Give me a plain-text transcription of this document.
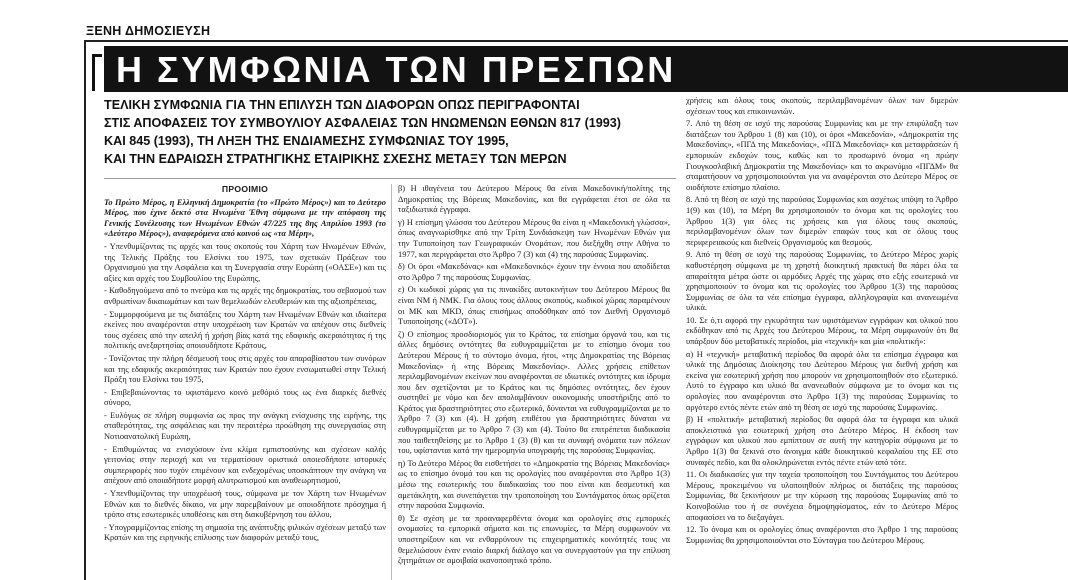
ΞΕΝΗ ΔΗΜΟΣΙΕΥΣΗ
Η ΣΥΜΦΩΝΙΑ ΤΩΝ ΠΡΕΣΠΩΝ
ΤΕΛΙΚΗ ΣΥΜΦΩΝΙΑ ΓΙΑ ΤΗΝ ΕΠΙΛΥΣΗ ΤΩΝ ΔΙΑΦΟΡΩΝ ΟΠΩΣ ΠΕΡΙΓΡΑΦΟΝΤΑΙ
ΣΤΙΣ ΑΠΟΦΑΣΕΙΣ ΤΟΥ ΣΥΜΒΟΥΛΙΟΥ ΑΣΦΑΛΕΙΑΣ ΤΩΝ ΗΝΩΜΕΝΩΝ ΕΘΝΩΝ 817 (1993)
ΚΑΙ 845 (1993), ΤΗ ΛΗΞΗ ΤΗΣ ΕΝΔΙΑΜΕΣΗΣ ΣΥΜΦΩΝΙΑΣ ΤΟΥ 1995,
ΚΑΙ ΤΗΝ ΕΔΡΑΙΩΣΗ ΣΤΡΑΤΗΓΙΚΗΣ ΕΤΑΙΡΙΚΗΣ ΣΧΕΣΗΣ ΜΕΤΑΞΥ ΤΩΝ ΜΕΡΩΝ
ΠΡΟΟΙΜΙΟ

Το Πρώτο Μέρος, η Ελληνική Δημοκρατία (το «Πρώτο Μέρος») και το Δεύτερο Μέρος, που έχινε δεκτό στα Ηνωμένα Έθνη σύμφωνα με την απόφαση της Γενικής Συνέλευσης των Ηνωμένων Εθνών 47/225 της 8ης Απριλίου 1993 (το «Δεύτερο Μέρος»), αναφερόμενα από κοινού ως «τα Μέρη»,

- Υπενθυμίζοντας τις αρχές και τους σκοπούς του Χάρτη των Ηνωμένων Εθνών, της Τελικής Πράξης του Ελσίνκι του 1975, των σχετικών Πράξεων του Οργανισμού για την Ασφάλεια και τη Συνεργασία στην Ευρώπη («ΟΑΣΕ») και τις αξίες και αρχές του Συμβουλίου της Ευρώπης,

- Καθοδηγούμενα από το πνεύμα και τις αρχές της δημοκρατίας, του σεβασμού των ανθρωπίνων δικαιωμάτων και των θεμελιωδών ελευθεριών και της αξιοπρέπειας,

- Συμμορφούμενα με τις διατάξεις του Χάρτη των Ηνωμένων Εθνών και ιδιαίτερα εκείνες που αναφέρονται στην υποχρέωση των Κρατών να απέχουν στις διεθνείς τους σχέσεις από την απειλή ή χρήση βίας κατά της εδαφικής ακεραιότητας ή της πολιτικής ανεξαρτησίας οποιουδήποτε Κράτους,

- Τονίζοντας την πλήρη δέσμευσή τους στις αρχές του απαραβίαστου των συνόρων και της εδαφικής ακεραιότητας των Κρατών που έχουν ενσωματωθεί στην Τελική Πράξη του Ελσίνκι του 1975,

- Επιβεβαιώνοντας το υφιστάμενο κοινό μεθόριό τους ως ένα διαρκές διεθνές σύνορο,

- Ευλόγως σε πλήρη συμφωνία ως προς την ανάγκη ενίσχυσης της ειρήνης, της σταθερότητας, της ασφάλειας και την περαιτέρω προώθηση της συνεργασίας στη Νοτιοανατολική Ευρώπη,

- Επιθυμώντας να ενισχύσουν ένα κλίμα εμπιστοσύνης και σχέσεων καλής γειτονίας στην περιοχή και να τερματίσουν οριστικά οποιεσδήποτε ιστορικές συμπεριφορές που τυχόν επιμένουν και ενδεχομένως υποσκάπτουν την ανάγκη να απέχουν από οποιαδήποτε μορφή αλυτρωτισμού και αναθεωρητισμού,

- Υπενθυμίζοντας την υποχρέωσή τους, σύμφωνα με τον Χάρτη των Ηνωμένων Εθνών και το διεθνές δίκαιο, να μην παρεμβαίνουν με οποιοδήποτε πρόσχημα ή τρόπο στις εσωτερικές υποθέσεις και στη διακυβέρνηση του άλλου,

- Υπογραμμίζοντας επίσης τη σημασία της ανάπτυξης φιλικών σχέσεων μεταξύ των Κρατών και της ειρηνικής επίλυσης των διαφορών μεταξύ τους,

β) Η ιθαγένεια του Δεύτερου Μέρους θα είναι Μακεδονική/πολίτης της Δημοκρατίας της Βόρειας Μακεδονίας, και θα εγγράφεται έτσι σε όλα τα ταξιδιωτικά έγγραφα.

γ) Η επίσημη γλώσσα του Δεύτερου Μέρους θα είναι η «Μακεδονική γλώσσα», όπως αναγνωρίσθηκε από την Τρίτη Συνδιάσκεψη των Ηνωμένων Εθνών για την Τυποποίηση των Γεωγραφικών Ονομάτων, που διεξήχθη στην Αθήνα το 1977, και περιγράφεται στο Άρθρο 7 (3) και (4) της παρούσας Συμφωνίας.

δ) Οι όροι «Μακεδόνας» και «Μακεδονικός» έχουν την έννοια που αποδίδεται στο Άρθρο 7 της παρούσας Συμφωνίας.

ε) Οι κωδικοί χώρας για τις πινακίδες αυτοκινήτων του Δεύτερου Μέρους θα είναι NM ή NMK. Για όλους τους άλλους σκοπούς, κωδικοί χώρας παραμένουν οι MK και MKD, όπως επισήμως αποδόθηκαν από τον Διεθνή Οργανισμό Τυποποίησης («ΔΟΤ»).

ζ) Ο επίσημος προσδιορισμός για το Κράτος, τα επίσημα όργανά του, και τις άλλες δημόσιες οντότητες θα ευθυγραμμίζεται με το επίσημο όνομα του Δεύτερου Μέρους ή το σύντομο όνομα, ήτοι, «της Δημοκρατίας της Βόρειας Μακεδονίας» ή «της Βόρειας Μακεδονίας». Αλλες χρήσεις επίθετων περιλαμβανομένων εκείνων που αναφέρονται σε ιδιωτικές οντότητες και ίδρυμα που δεν σχετίζονται με το Κράτος και τις δημόσιες οντότητες, δεν έχουν συστηθεί με νόμο και δεν απολαμβάνουν οικονομικής υποστήριξης από το Κράτος για δραστηριότητες στο εξωτερικό, δύνανται να ευθυγραμμίζονται με το Άρθρο 7 (3) και (4). Η χρήση επιθέτου για δραστηριότητες δύναται να ευθυγραμμίζεται με το Άρθρο 7 (3) και (4). Τούτο θα επιτρέπεται διαδικασία που ταιθετηθείσης με το Άρθρο 1 (3) (θ) και τα συναφή ονόματα των πόλεων του, υφίστανται κατά την ημερομηνία υπογραφής της παρούσας Συμφωνίας.

η) Το Δεύτερο Μέρος θα εισθετήσει το «Δημοκρατία της Βόρειας Μακεδονίας» ως το επίσημο όνομά του και τις ορολογίες που αναφέρονται στο Άρθρο 1(3) μέσω της εσωτερικής του διαδικασίας του που είναι και δεσμευτική και αμετάκλητη, και συνεπάγεται την τροποποίηση του Συντάγματος όπως ορίζεται στην παρούσα Συμφωνία.

θ) Σε σχέση με τα προαναφερθέντα όνομα και ορολογίες στις εμπορικές ονομασίες τα εμπορικά σήματα και τις επωνυμίες, τα Μέρη συμφωνούν να υποστηρίξουν και να ενθαρρύνουν τις επιχειρηματικές κοινότητές τους να θεμελιώσουν έναν ενιαίο διαρκή διάλογο και να συνεργαστούν για την επίλυση ζητημάτων σε αμοιβαία ικανοποιητικό τρόπο.

χρήσεις και όλους τους σκοπούς, περιλαμβανομένων όλων των διμερών σχέσεων τους και επικοινωνιών.

7. Από τη θέση σε ισχύ της παρούσας Συμφωνίας και με την επιφύλαξη των διατάξεων του Άρθρου 1 (8) και (10), οι όροι «Μακεδονία», «Δημοκρατία της Μακεδονίας», «ΠΓΔ της Μακεδονίας», «ΠΓΔ Μακεδονίας» και μεταφράσεών ή εμπορικών εκδοχών τους, καθώς και το προσωρινό όνομα «η πρώην Γιουγκοσλαβική Δημοκρατία της Μακεδονίας» και το ακρωνύμιο «ΠΓΔΜ» θα σταματήσουν να χρησιμοποιούνται για να αναφέρονται στο Δεύτερο Μέρος σε οιοδήποτε επίσημο πλαίσιο.

8. Από τη θέση σε ισχύ της παρούσας Συμφωνίας και ασχέτως υπόψη το Άρθρο 1(9) και (10), τα Μέρη θα χρησιμοποιούν το όνομα και τις ορολογίες του Άρθρου 1(3) για όλες τις χρήσεις και για όλους τους σκοπούς, περιλαμβανομένων όλων των διμερών επαφών τους και σε όλους τους περιφερειακούς και διεθνείς Οργανισμούς και θεσμούς.

9. Από τη θέση σε ισχύ της παρούσας Συμφωνίας, το Δεύτερο Μέρος χωρίς καθυστέρηση σύμφωνα με τη χρηστή διοικητική πρακτική θα πάρει όλα τα απαραίτητα μέτρα ώστε οι αρμόδιες Αρχές της χώρας στο εξής εσωτερικά να χρησιμοποιούν το όνομα και τις ορολογίες του Άρθρου 1(3) της παρούσας Συμφωνίας σε όλα τα νέα επίσημα έγγραφα, αλληλογραφία και ανανεωμένα υλικά.

10. Σε ό,τι αφορά την εγκυρότητα των υφιστάμενων εγγράφων και υλικού που εκδόθηκαν από τις Αρχές του Δεύτερου Μέρους, τα Μέρη συμφωνούν ότι θα υπάρξουν δύο μεταβατικές περίοδοι, μία «τεχνική» και μία «πολιτική»:

α) Η «τεχνική» μεταβατική περίοδος θα αφορά όλα τα επίσημα έγγραφα και υλικά της Δημόσιας Διοίκησης του Δεύτερου Μέρους για διεθνή χρήση και εκείνα για εσωτερική χρήση που μπορούν να χρησιμοποιηθούν στο εξωτερικό. Αυτό το έγγραφο και υλικό θα ανανεωθούν σύμφωνα με το όνομα και τις ορολογίες που αναφέρονται στο Άρθρο 1(3) της παρούσας Συμφωνίας το αργότερο εντός πέντε ετών από τη θέση σε ισχύ της παρούσας Συμφωνίας.

β) Η «πολιτική» μεταβατική περίοδος θα αφορά όλα τα έγγραφα και υλικά αποκλειστικά για εσωτερική χρήση στο Δεύτερο Μέρος. Η έκδοση των εγγράφων και υλικού που εμπίπτουν σε αυτή την κατηγορία σύμφωνα με το Άρθρο 1(3) θα ξεκινά στο άνοιγμα κάθε διοικητικού κεφαλαίου της ΕΕ στο συναφές πεδίο, και θα ολοκληρώνεται εντός πέντε ετών από τότε.

11. Οι διαδικασίες για την ταχεία τροποποίηση του Συντάγματος του Δεύτερου Μέρους, προκειμένου να υλοποιηθούν πλήρως οι διατάξεις της παρούσας Συμφωνίας, θα ξεκινήσουν με την κύρωση της παρούσας Συμφωνίας από το Κοινοβούλιο του ή σε συνέχεια δημοψηφίσματος, εάν το Δεύτερο Μέρος αποφασίσει να το διεξαγάγει.

12. Το όνομα και οι ορολογίες όπως αναφέρονται στο Άρθρο 1 της παρούσας Συμφωνίας θα χρησιμοποιούνται στο Σύνταγμα του Δεύτερου Μέρους.
